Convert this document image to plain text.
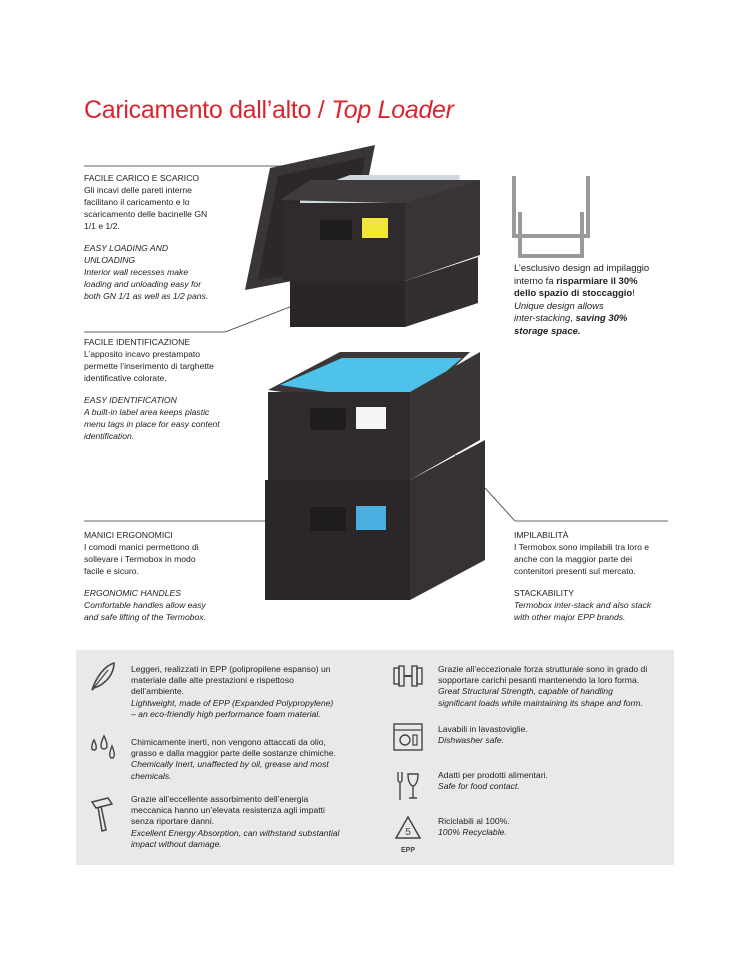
Caricamento dall’alto / Top Loader

FACILE CARICO E SCARICO

Gli incavi delle pareti interne

facilitano il caricamento e lo

scaricamento delle bacinelle GN

1/1 e 1/2.

EASY LOADING AND

UNLOADING

Interior wall recesses make

loading and unloading easy for

both GN 1/1 as well as 1/2 pans.

FACILE IDENTIFICAZIONE

L’apposito incavo prestampato

permette l’inserimento di targhette

identificative colorate.

EASY IDENTIFICATION

A built-in label area keeps plastic

menu tags in place for easy content

identification.

MANICI ERGONOMICI

I comodi manici permettono di

sollevare i Termobox in modo

facile e sicuro.

ERGONOMIC HANDLES

Comfortable handles allow easy

and safe lifting of the Termobox.

IMPILABILITÀ

I Termobox sono impilabili tra loro e

anche con la maggior parte dei

contenitori presenti sul mercato.

STACKABILITY

Termobox inter-stack and also stack

with other major EPP brands.

L’esclusivo design ad impilaggio
interno fa risparmiare il 30%
dello spazio di stoccaggio!
Unique design allows
inter-stacking, saving 30%
storage space.
Leggeri, realizzati in EPP (polipropilene espanso) un
materiale dalle alte prestazioni e rispettoso
dell’ambiente.
Lightweight, made of EPP (Expanded Polypropylene)
– an eco-friendly high performance foam material.
Chimicamente inerti, non vengono attaccati da olio,
grasso e dalla maggior parte delle sostanze chimiche.
Chemically Inert, unaffected by oil, grease and most
chemicals.
Grazie all’eccellente assorbimento dell’energia
meccanica hanno un’elevata resistenza agli impatti
senza riportare danni.
Excellent Energy Absorption, can withstand substantial
impact without damage.
Grazie all’eccezionale forza strutturale sono in grado di
sopportare carichi pesanti mantenendo la loro forma.
Great Structural Strength, capable of handling
significant loads while maintaining its shape and form.
Lavabili in lavastoviglie.
Dishwasher safe.
Adatti per prodotti alimentari.
Safe for food contact.
5
EPP
Riciclabili al 100%.
100% Recyclable.
